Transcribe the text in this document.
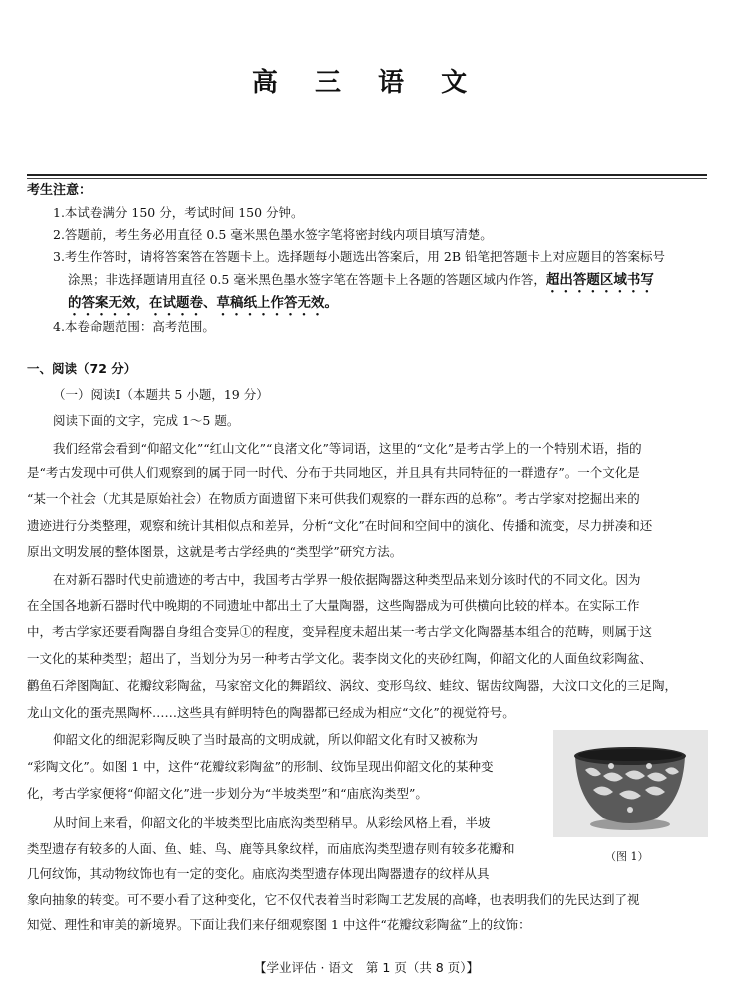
高 三 语 文
考生注意：
1.本试卷满分 150 分，考试时间 150 分钟。
2.答题前，考生务必用直径 0.5 毫米黑色墨水签字笔将密封线内项目填写清楚。
3.考生作答时，请将答案答在答题卡上。选择题每小题选出答案后，用 2B 铅笔把答题卡上对应题目的答案标号
涂黑；非选择题请用直径 0.5 毫米黑色墨水签字笔在答题卡上各题的答题区域内作答，超出答题区域书写
的答案无效，在试题卷、草稿纸上作答无效。
4.本卷命题范围：高考范围。
一、阅读（72 分）
（一）阅读Ⅰ（本题共 5 小题，19 分）
阅读下面的文字，完成 1～5 题。
我们经常会看到“仰韶文化”“红山文化”“良渚文化”等词语，这里的“文化”是考古学上的一个特别术语，指的
是“考古发现中可供人们观察到的属于同一时代、分布于共同地区，并且具有共同特征的一群遗存”。一个文化是
“某一个社会（尤其是原始社会）在物质方面遗留下来可供我们观察的一群东西的总称”。考古学家对挖掘出来的
遗迹进行分类整理，观察和统计其相似点和差异，分析“文化”在时间和空间中的演化、传播和流变，尽力拼凑和还
原出文明发展的整体图景，这就是考古学经典的“类型学”研究方法。
在对新石器时代史前遗迹的考古中，我国考古学界一般依据陶器这种类型品来划分该时代的不同文化。因为
在全国各地新石器时代中晚期的不同遗址中都出土了大量陶器，这些陶器成为可供横向比较的样本。在实际工作
中，考古学家还要看陶器自身组合变异①的程度，变异程度未超出某一考古学文化陶器基本组合的范畴，则属于这
一文化的某种类型；超出了，当划分为另一种考古学文化。裴李岗文化的夹砂红陶，仰韶文化的人面鱼纹彩陶盆、
鹳鱼石斧图陶缸、花瓣纹彩陶盆，马家窑文化的舞蹈纹、涡纹、变形鸟纹、蛙纹、锯齿纹陶器，大汶口文化的三足陶，
龙山文化的蛋壳黑陶杯……这些具有鲜明特色的陶器都已经成为相应“文化”的视觉符号。
仰韶文化的细泥彩陶反映了当时最高的文明成就，所以仰韶文化有时又被称为
“彩陶文化”。如图 1 中，这件“花瓣纹彩陶盆”的形制、纹饰呈现出仰韶文化的某种变
化，考古学家便将“仰韶文化”进一步划分为“半坡类型”和“庙底沟类型”。
从时间上来看，仰韶文化的半坡类型比庙底沟类型稍早。从彩绘风格上看，半坡
类型遗存有较多的人面、鱼、蛙、鸟、鹿等具象纹样，而庙底沟类型遗存则有较多花瓣和
几何纹饰，其动物纹饰也有一定的变化。庙底沟类型遗存体现出陶器遗存的纹样从具
象向抽象的转变。可不要小看了这种变化，它不仅代表着当时彩陶工艺发展的高峰，也表明我们的先民达到了视
知觉、理性和审美的新境界。下面让我们来仔细观察图 1 中这件“花瓣纹彩陶盆”上的纹饰：
（图 1）
【学业评估 · 语文　第 1 页（共 8 页）】
